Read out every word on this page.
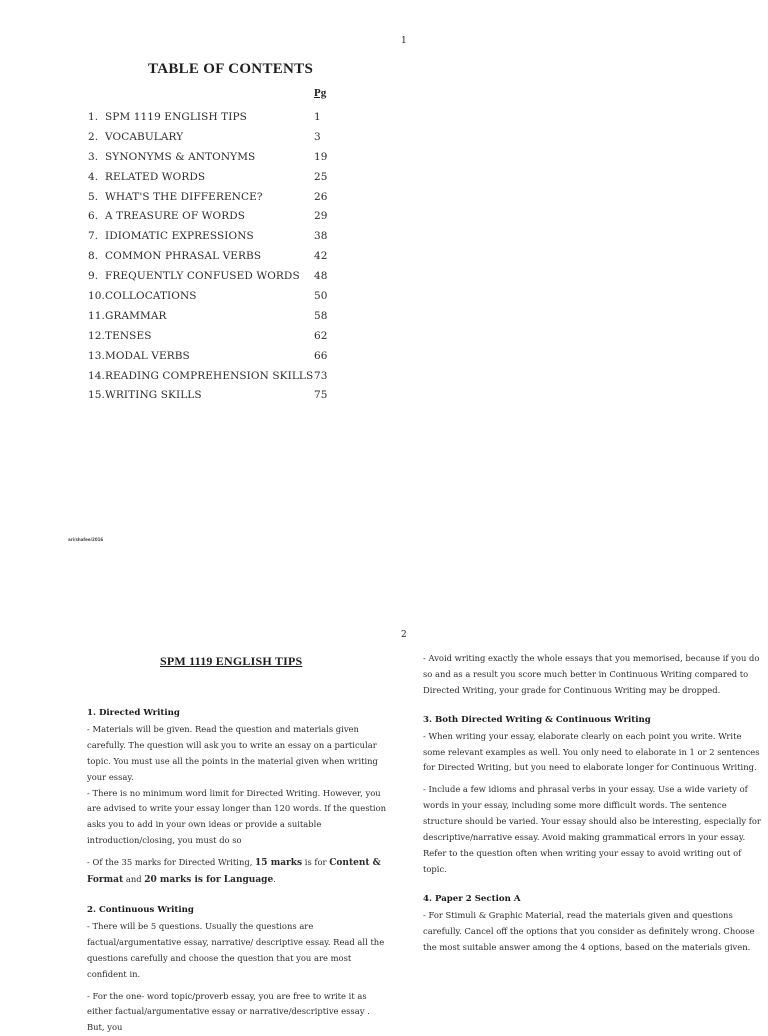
1
TABLE OF CONTENTS
Pg
1. SPM 1119 ENGLISH TIPS	1
2. VOCABULARY	3
3. SYNONYMS & ANTONYMS	19
4. RELATED WORDS	25
5. WHAT'S THE DIFFERENCE?	26
6. A TREASURE OF WORDS	29
7. IDIOMATIC EXPRESSIONS	38
8. COMMON PHRASAL VERBS	42
9. FREQUENTLY CONFUSED WORDS	48
10. COLLOCATIONS	50
11. GRAMMAR	58
12. TENSES	62
13. MODAL VERBS	66
14. READING COMPREHENSION SKILLS 73
15. WRITING SKILLS	75
ari/shafee/2016
2
SPM 1119 ENGLISH TIPS
1. Directed Writing

- Materials will be given. Read the question and materials given carefully. The question will ask you to write an essay on a particular topic. You must use all the points in the material given when writing your essay.

- There is no minimum word limit for Directed Writing. However, you are advised to write your essay longer than 120 words. If the question asks you to add in your own ideas or provide a suitable introduction/closing, you must do so

- Of the 35 marks for Directed Writing, 15 marks is for Content & Format and 20 marks is for Language.

2. Continuous Writing

- There will be 5 questions. Usually the questions are factual/argumentative essay, narrative/ descriptive essay. Read all the questions carefully and choose the question that you are most confident in.

- For the one- word topic/proverb essay, you are free to write it as either factual/argumentative essay or narrative/descriptive essay . But, you

- Avoid writing exactly the whole essays that you memorised, because if you do so and as a result you score much better in Continuous Writing compared to Directed Writing, your grade for Continuous Writing may be dropped.

3. Both Directed Writing & Continuous Writing

- When writing your essay, elaborate clearly on each point you write. Write some relevant examples as well. You only need to elaborate in 1 or 2 sentences for Directed Writing, but you need to elaborate longer for Continuous Writing.

- Include a few idioms and phrasal verbs in your essay. Use a wide variety of words in your essay, including some more difficult words. The sentence structure should be varied. Your essay should also be interesting, especially for descriptive/narrative essay. Avoid making grammatical errors in your essay. Refer to the question often when writing your essay to avoid writing out of topic.

4. Paper 2 Section A

- For Stimuli & Graphic Material, read the materials given and questions carefully. Cancel off the options that you consider as definitely wrong. Choose the most suitable answer among the 4 options, based on the materials given.
